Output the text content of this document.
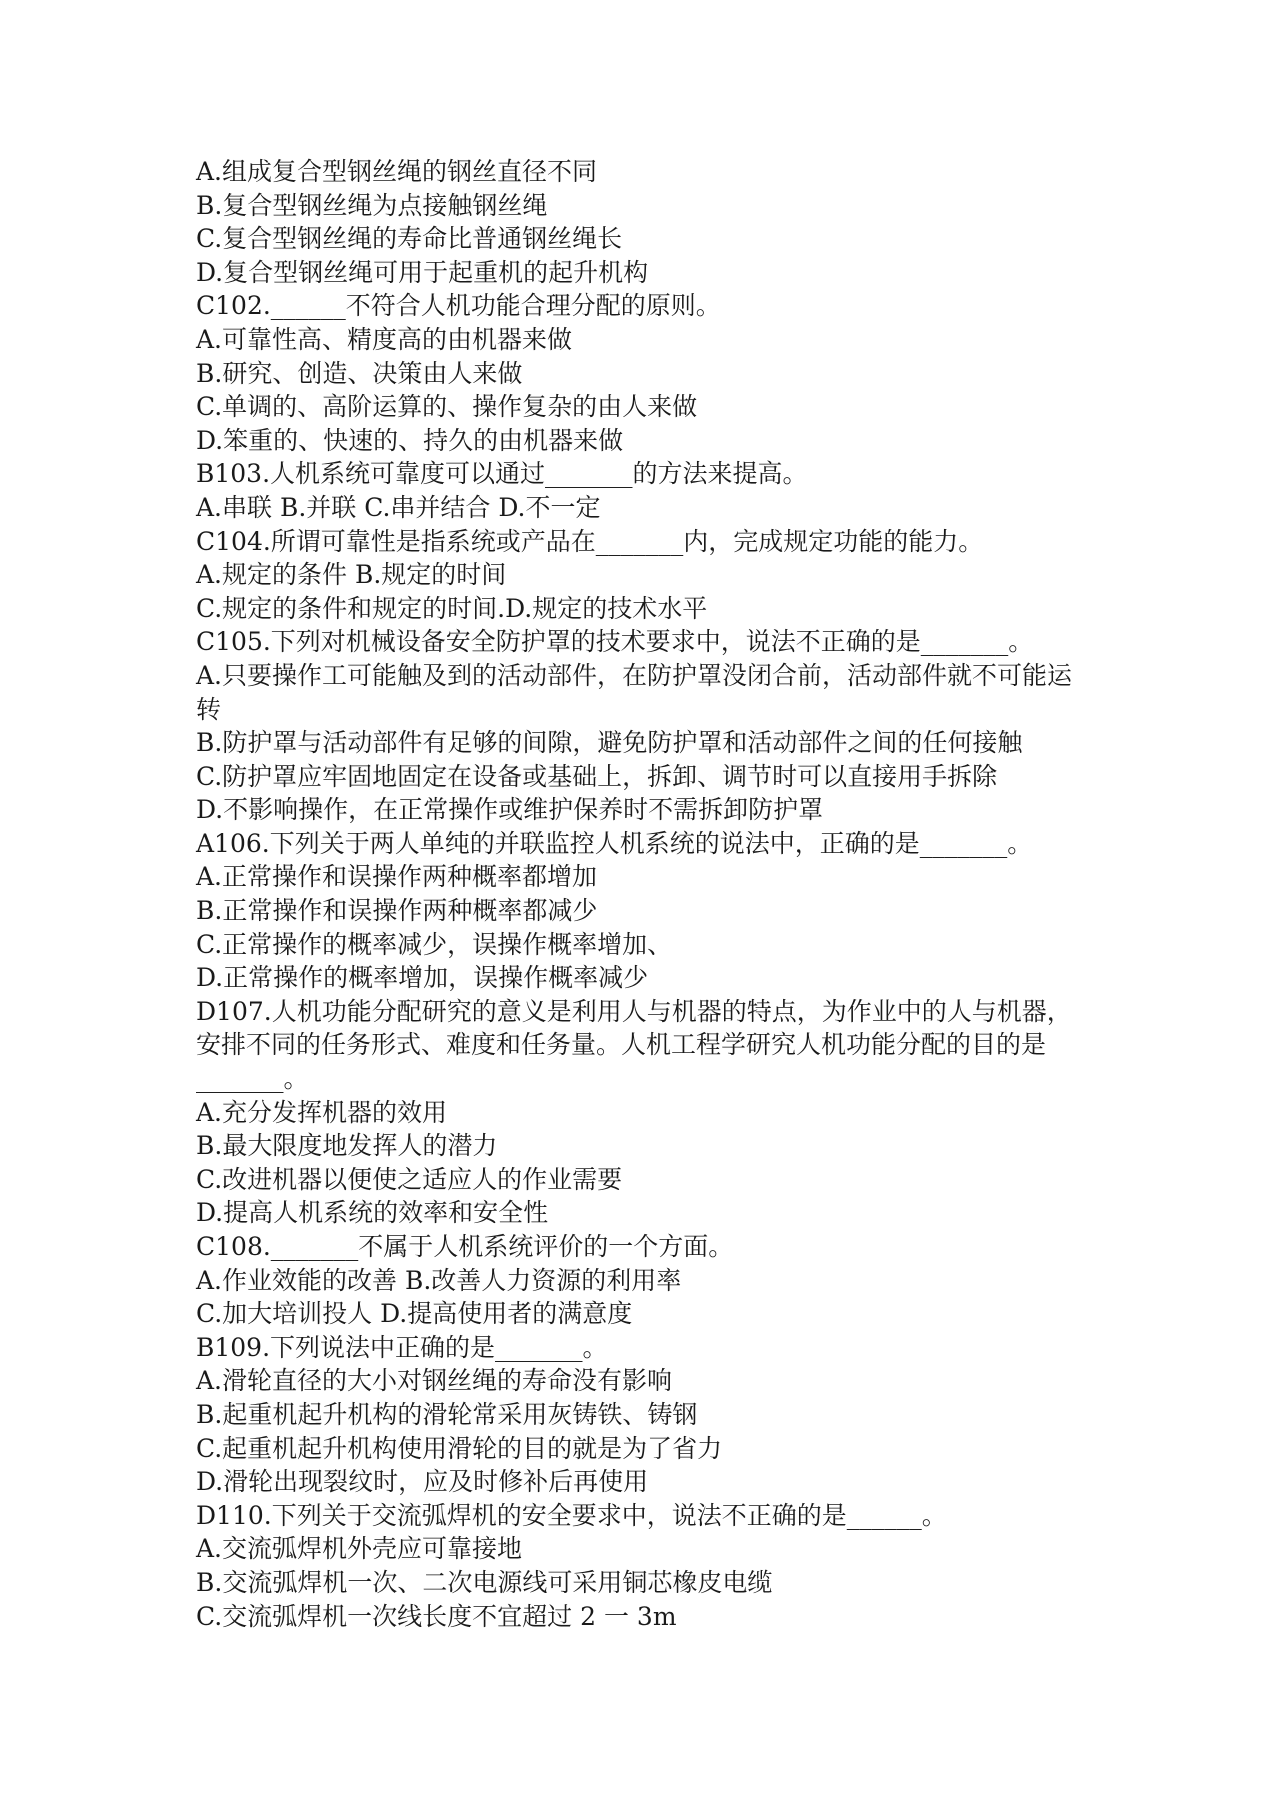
A.组成复合型钢丝绳的钢丝直径不同

B.复合型钢丝绳为点接触钢丝绳

C.复合型钢丝绳的寿命比普通钢丝绳长

D.复合型钢丝绳可用于起重机的起升机构

C102.______不符合人机功能合理分配的原则。

A.可靠性高、精度高的由机器来做

B.研究、创造、决策由人来做

C.单调的、高阶运算的、操作复杂的由人来做

D.笨重的、快速的、持久的由机器来做

B103.人机系统可靠度可以通过_______的方法来提高。

A.串联 B.并联 C.串并结合 D.不一定

C104.所谓可靠性是指系统或产品在_______内，完成规定功能的能力。

A.规定的条件 B.规定的时间

C.规定的条件和规定的时间.D.规定的技术水平

C105.下列对机械设备安全防护罩的技术要求中，说法不正确的是_______。

A.只要操作工可能触及到的活动部件，在防护罩没闭合前，活动部件就不可能运

转

B.防护罩与活动部件有足够的间隙，避免防护罩和活动部件之间的任何接触

C.防护罩应牢固地固定在设备或基础上，拆卸、调节时可以直接用手拆除

D.不影响操作，在正常操作或维护保养时不需拆卸防护罩

A106.下列关于两人单纯的并联监控人机系统的说法中，正确的是_______。

A.正常操作和误操作两种概率都增加

B.正常操作和误操作两种概率都减少

C.正常操作的概率减少，误操作概率增加、

D.正常操作的概率增加，误操作概率减少

D107.人机功能分配研究的意义是利用人与机器的特点，为作业中的人与机器，

安排不同的任务形式、难度和任务量。人机工程学研究人机功能分配的目的是

_______。

A.充分发挥机器的效用

B.最大限度地发挥人的潜力

C.改进机器以便使之适应人的作业需要

D.提高人机系统的效率和安全性

C108._______不属于人机系统评价的一个方面。

A.作业效能的改善 B.改善人力资源的利用率

C.加大培训投人 D.提高使用者的满意度

B109.下列说法中正确的是_______。

A.滑轮直径的大小对钢丝绳的寿命没有影响

B.起重机起升机构的滑轮常采用灰铸铁、铸钢

C.起重机起升机构使用滑轮的目的就是为了省力

D.滑轮出现裂纹时，应及时修补后再使用

D110.下列关于交流弧焊机的安全要求中，说法不正确的是______。

A.交流弧焊机外壳应可靠接地

B.交流弧焊机一次、二次电源线可采用铜芯橡皮电缆

C.交流弧焊机一次线长度不宜超过 2 一 3m
